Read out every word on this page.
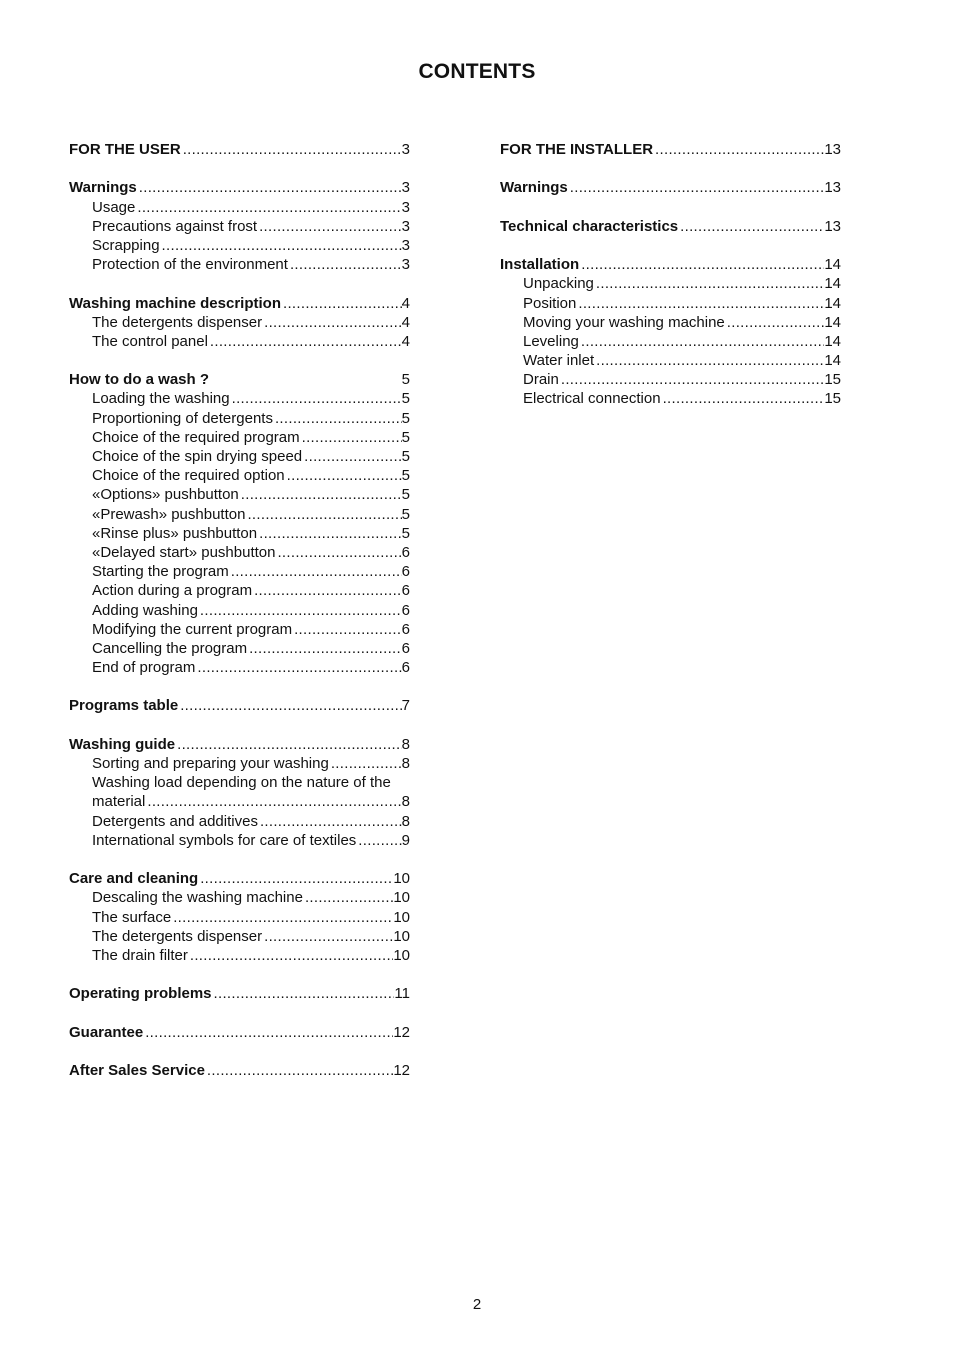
CONTENTS
FOR THE USER .....	3
Warnings .....	3
Usage .....	3
Precautions against frost .....	3
Scrapping .....	3
Protection of the environment .....	3
Washing machine description .....	4
The detergents dispenser .....	4
The control panel .....	4
How to do a wash ?	5
Loading the washing .....	5
Proportioning of detergents .....	5
Choice of the required program .....	5
Choice of the spin drying speed .....	5
Choice of the required option .....	5
«Options» pushbutton .....	5
«Prewash» pushbutton .....	5
«Rinse plus» pushbutton .....	5
«Delayed start» pushbutton .....	6
Starting the program .....	6
Action during a program .....	6
Adding washing .....	6
Modifying the current program .....	6
Cancelling the program .....	6
End of program .....	6
Programs table .....	7
Washing guide .....	8
Sorting and preparing your washing .....	8
Washing load depending on the nature of the
material .....	8
Detergents and additives .....	8
International symbols for care of textiles .....	9
Care and cleaning .....	10
Descaling the washing machine .....	10
The surface .....	10
The detergents dispenser .....	10
The drain filter .....	10
Operating problems .....	11
Guarantee .....	12
After Sales Service .....	12
FOR THE INSTALLER .....	13
Warnings .....	13
Technical characteristics .....	13
Installation .....	14
Unpacking .....	14
Position .....	14
Moving your washing machine .....	14
Leveling .....	14
Water inlet .....	14
Drain .....	15
Electrical connection .....	15
2
